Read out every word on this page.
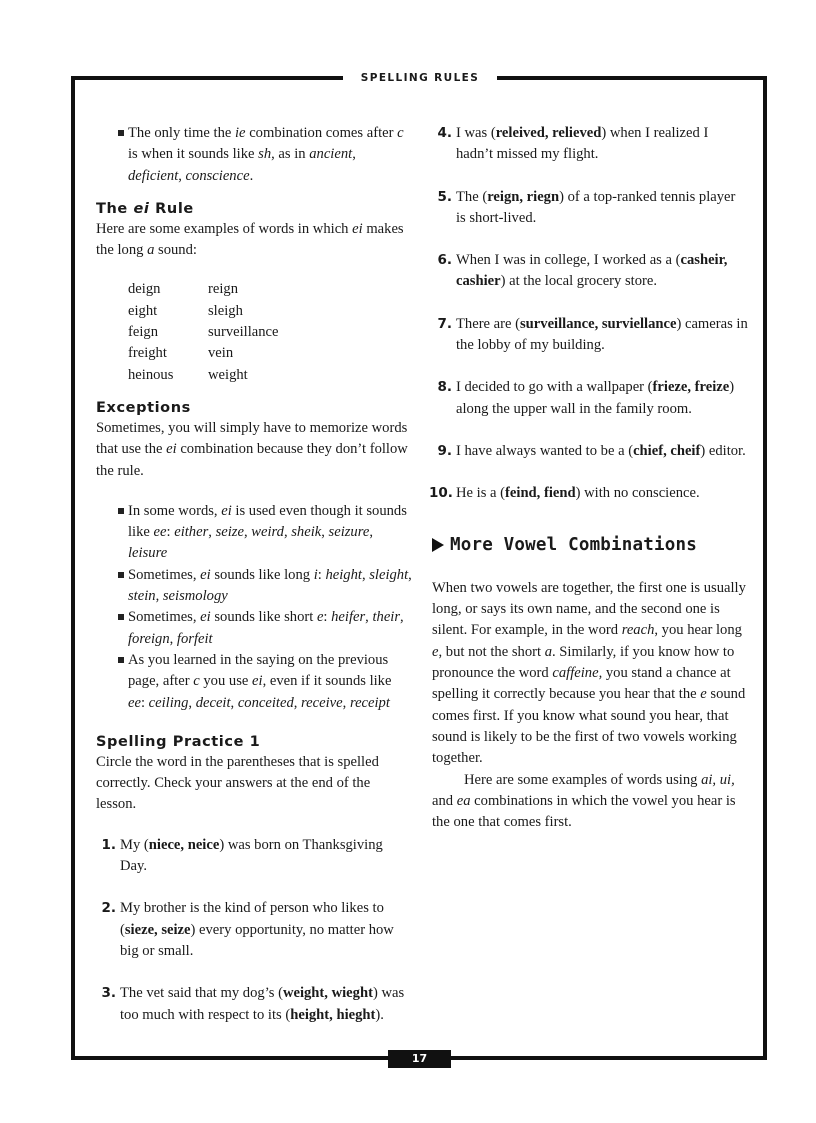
SPELLING RULES
17
The only time the ie combination comes after c is when it sounds like sh, as in ancient, deficient, conscience.
The ei Rule

Here are some examples of words in which ei makes the long a sound:

deign	reign
eight	sleigh
feign	surveillance
freight	vein
heinous	weight
Exceptions

Sometimes, you will simply have to memorize words that use the ei combination because they don’t follow the rule.

In some words, ei is used even though it sounds like ee: either, seize, weird, sheik, seizure, leisure
Sometimes, ei sounds like long i: height, sleight, stein, seismology
Sometimes, ei sounds like short e: heifer, their, foreign, forfeit
As you learned in the saying on the previous page, after c you use ei, even if it sounds like ee: ceiling, deceit, conceited, receive, receipt
Spelling Practice 1

Circle the word in the parentheses that is spelled correctly. Check your answers at the end of the lesson.

1. My (niece, neice) was born on Thanksgiving Day.
2. My brother is the kind of person who likes to (sieze, seize) every opportunity, no matter how big or small.
3. The vet said that my dog’s (weight, wieght) was too much with respect to its (height, hieght).
4. I was (releived, relieved) when I realized I hadn’t missed my flight.
5. The (reign, riegn) of a top-ranked tennis player is short-lived.
6. When I was in college, I worked as a (casheir, cashier) at the local grocery store.
7. There are (surveillance, surviellance) cameras in the lobby of my building.
8. I decided to go with a wallpaper (frieze, freize) along the upper wall in the family room.
9. I have always wanted to be a (chief, cheif) editor.
10. He is a (feind, fiend) with no conscience.
More Vowel Combinations

When two vowels are together, the first one is usually long, or says its own name, and the second one is silent. For example, in the word reach, you hear long e, but not the short a. Similarly, if you know how to pronounce the word caffeine, you stand a chance at spelling it correctly because you hear that the e sound comes first. If you know what sound you hear, that sound is likely to be the first of two vowels working together.

Here are some examples of words using ai, ui, and ea combinations in which the vowel you hear is the one that comes first.
